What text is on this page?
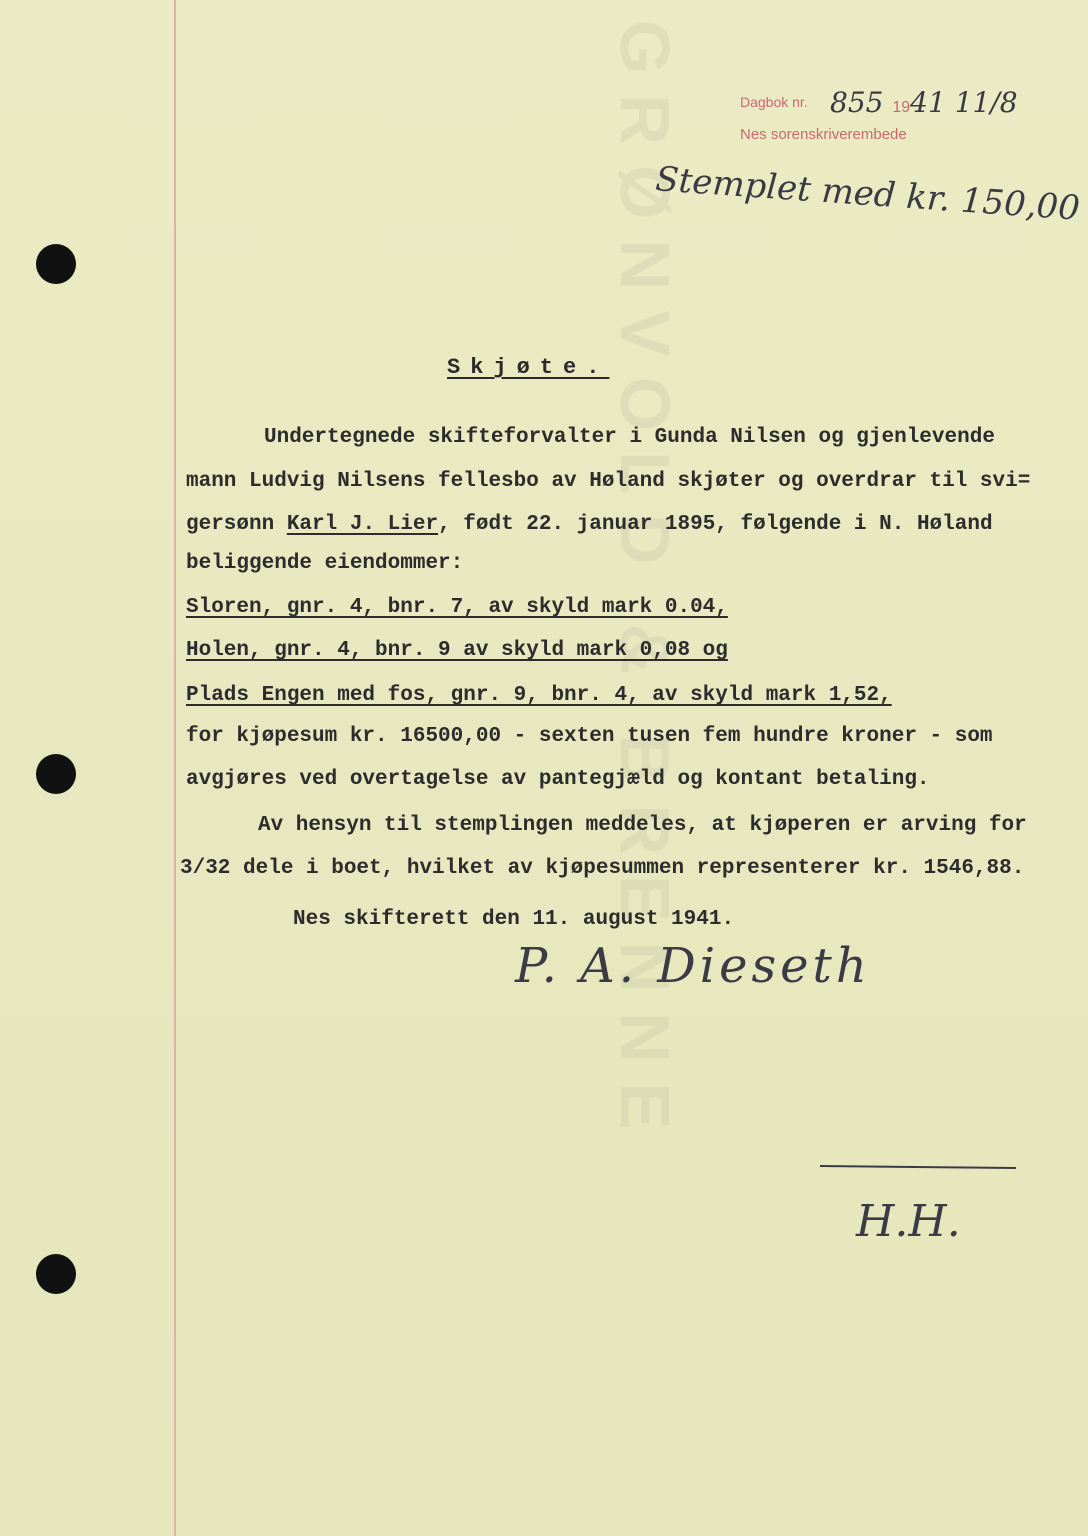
GRØNVOLD & BRENNE	Dagbok nr. 855 1941 11/8
Nes sorenskriverembede
Stemplet med kr. 150,00
Skjøte.
Undertegnede skifteforvalter i Gunda Nilsen og gjenlevende
mann Ludvig Nilsens fellesbo av Høland skjøter og overdrar til svi=
gersønn Karl J. Lier, født 22. januar 1895, følgende i N. Høland
beliggende eiendommer:
Sloren, gnr. 4, bnr. 7, av skyld mark 0.04,
Holen, gnr. 4, bnr. 9 av skyld mark 0,08 og
Plads Engen med fos, gnr. 9, bnr. 4, av skyld mark 1,52,
for kjøpesum kr. 16500,00 - sexten tusen fem hundre kroner - som
avgjøres ved overtagelse av pantegjæld og kontant betaling.
Av hensyn til stemplingen meddeles, at kjøperen er arving for
3/32 dele i boet, hvilket av kjøpesummen representerer kr. 1546,88.
Nes skifterett den 11. august 1941.
P. A. Dieseth
H.H.
